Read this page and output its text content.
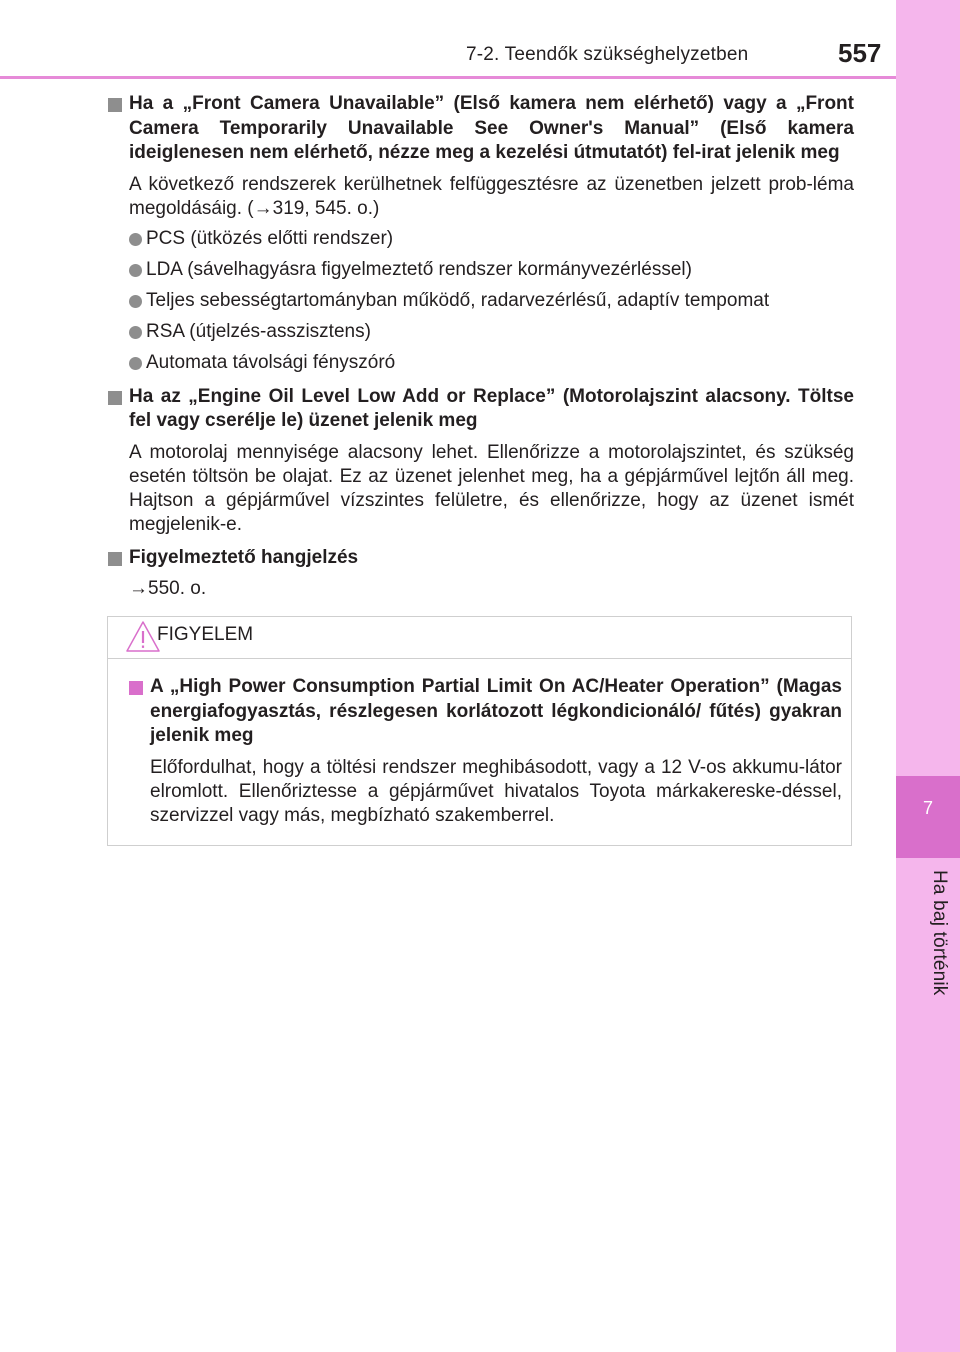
7-2. Teendők szükséghelyzetben	557
7
Ha baj történik
Ha a „Front Camera Unavailable” (Első kamera nem elérhető) vagy a „Front Camera Temporarily Unavailable See Owner's Manual” (Első kamera ideiglenesen nem elérhető, nézze meg a kezelési útmutatót) fel-irat jelenik meg
A következő rendszerek kerülhetnek felfüggesztésre az üzenetben jelzett prob-léma megoldásáig. (→319, 545. o.)
PCS (ütközés előtti rendszer)
LDA (sávelhagyásra figyelmeztető rendszer kormányvezérléssel)
Teljes sebességtartományban működő, radarvezérlésű, adaptív tempomat
RSA (útjelzés-asszisztens)
Automata távolsági fényszóró
Ha az „Engine Oil Level Low Add or Replace” (Motorolajszint alacsony. Töltse fel vagy cserélje le) üzenet jelenik meg
A motorolaj mennyisége alacsony lehet. Ellenőrizze a motorolajszintet, és szükség esetén töltsön be olajat. Ez az üzenet jelenhet meg, ha a gépjárművel lejtőn áll meg. Hajtson a gépjárművel vízszintes felületre, és ellenőrizze, hogy az üzenet ismét megjelenik-e.
Figyelmeztető hangjelzés
→550. o.
FIGYELEM
A „High Power Consumption Partial Limit On AC/Heater Operation” (Magas energiafogyasztás, részlegesen korlátozott légkondicionáló/ fűtés) gyakran jelenik meg
Előfordulhat, hogy a töltési rendszer meghibásodott, vagy a 12 V-os akkumu-látor elromlott. Ellenőriztesse a gépjárművet hivatalos Toyota márkakereske-déssel, szervizzel vagy más, megbízható szakemberrel.
